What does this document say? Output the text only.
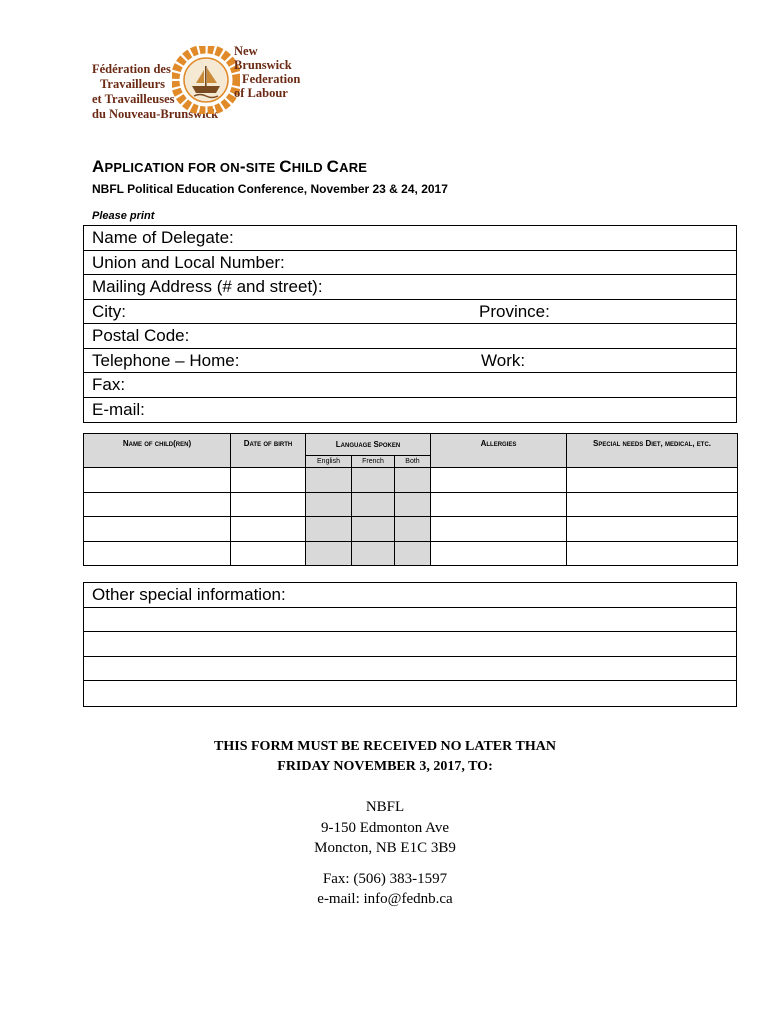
Fédération des
Travailleurs
et Travailleuses
du Nouveau-Brunswick
New
Brunswick
Federation
of Labour
APPLICATION FOR ON-SITE CHILD CARE
NBFL Political Education Conference, November 23 & 24, 2017
Please print
Name of Delegate:
Union and Local Number:
Mailing Address (# and street):
City:	Province:
Postal Code:
Telephone – Home:	Work:
Fax:
E-mail:
Name of child(ren)	Date of birth	Language Spoken			Allergies	Special needs Diet, medical, etc.
		English	French	Both		

Other special information:
THIS FORM MUST BE RECEIVED NO LATER THAN
FRIDAY NOVEMBER 3, 2017, TO:
NBFL
9-150 Edmonton Ave
Moncton, NB E1C 3B9
Fax: (506) 383-1597
e-mail: info@fednb.ca
